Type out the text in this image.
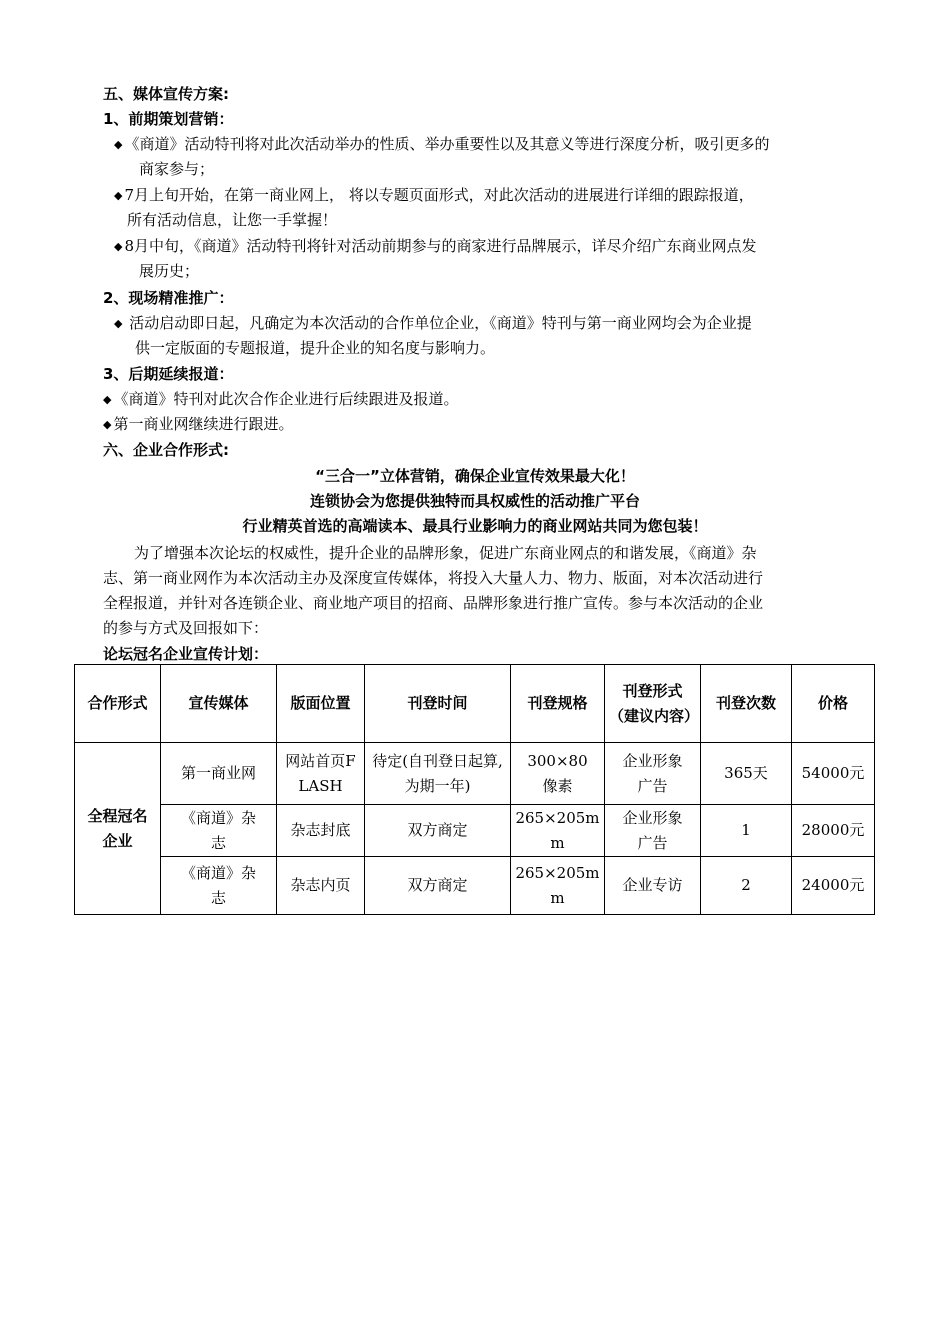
五、媒体宣传方案:
1、前期策划营销：
◆ 《商道》活动特刊将对此次活动举办的性质、举办重要性以及其意义等进行深度分析，吸引更多的
商家参与；
◆ 7月上旬开始，在第一商业网上， 将以专题页面形式，对此次活动的进展进行详细的跟踪报道，
所有活动信息，让您一手掌握！
◆ 8月中旬，《商道》活动特刊将针对活动前期参与的商家进行品牌展示，详尽介绍广东商业网点发
展历史；
2、现场精准推广：
◆ 活动启动即日起，凡确定为本次活动的合作单位企业，《商道》特刊与第一商业网均会为企业提
供一定版面的专题报道，提升企业的知名度与影响力。
3、后期延续报道：
◆ 《商道》特刊对此次合作企业进行后续跟进及报道。
◆ 第一商业网继续进行跟进。
六、企业合作形式:
“三合一”立体营销，确保企业宣传效果最大化！
连锁协会为您提供独特而具权威性的活动推广平台
行业精英首选的高端读本、最具行业影响力的商业网站共同为您包装！
为了增强本次论坛的权威性，提升企业的品牌形象，促进广东商业网点的和谐发展，《商道》杂
志、第一商业网作为本次活动主办及深度宣传媒体，将投入大量人力、物力、版面，对本次活动进行
全程报道，并针对各连锁企业、商业地产项目的招商、品牌形象进行推广宣传。参与本次活动的企业
的参与方式及回报如下：
论坛冠名企业宣传计划：
合作形式	宣传媒体	版面位置	刊登时间	刊登规格	刊登形式（建议内容）	刊登次数	价格
全程冠名企业	第一商业网	网站首页FLASH	待定(自刊登日起算,为期一年)	300×80像素	企业形象广告	365天	54000元
	《商道》杂志	杂志封底	双方商定	265×205mm	企业形象广告	1	28000元
	《商道》杂志	杂志内页	双方商定	265×205mm	企业专访	2	24000元
